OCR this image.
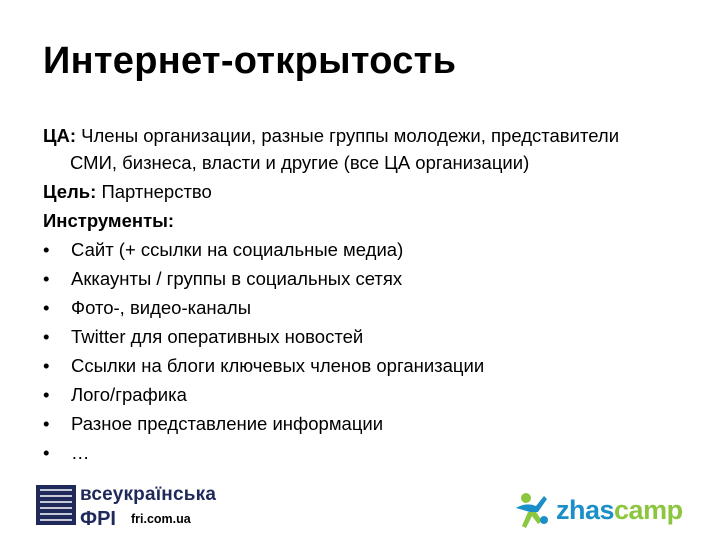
Интернет-открытость
ЦА: Члены организации, разные группы молодежи, представители
СМИ, бизнеса, власти и другие (все ЦА организации)
Цель: Партнерство
Инструменты:
•	Сайт (+ ссылки на социальные медиа)
•	Аккаунты / группы в социальных сетях
•	Фото-, видео-каналы
•	Twitter для оперативных новостей
•	Ссылки на блоги ключевых членов организации
•	Лого/графика
•	Разное представление информации
•	…
всеукраїнська
ФРІ	fri.com.ua	zhascamp
